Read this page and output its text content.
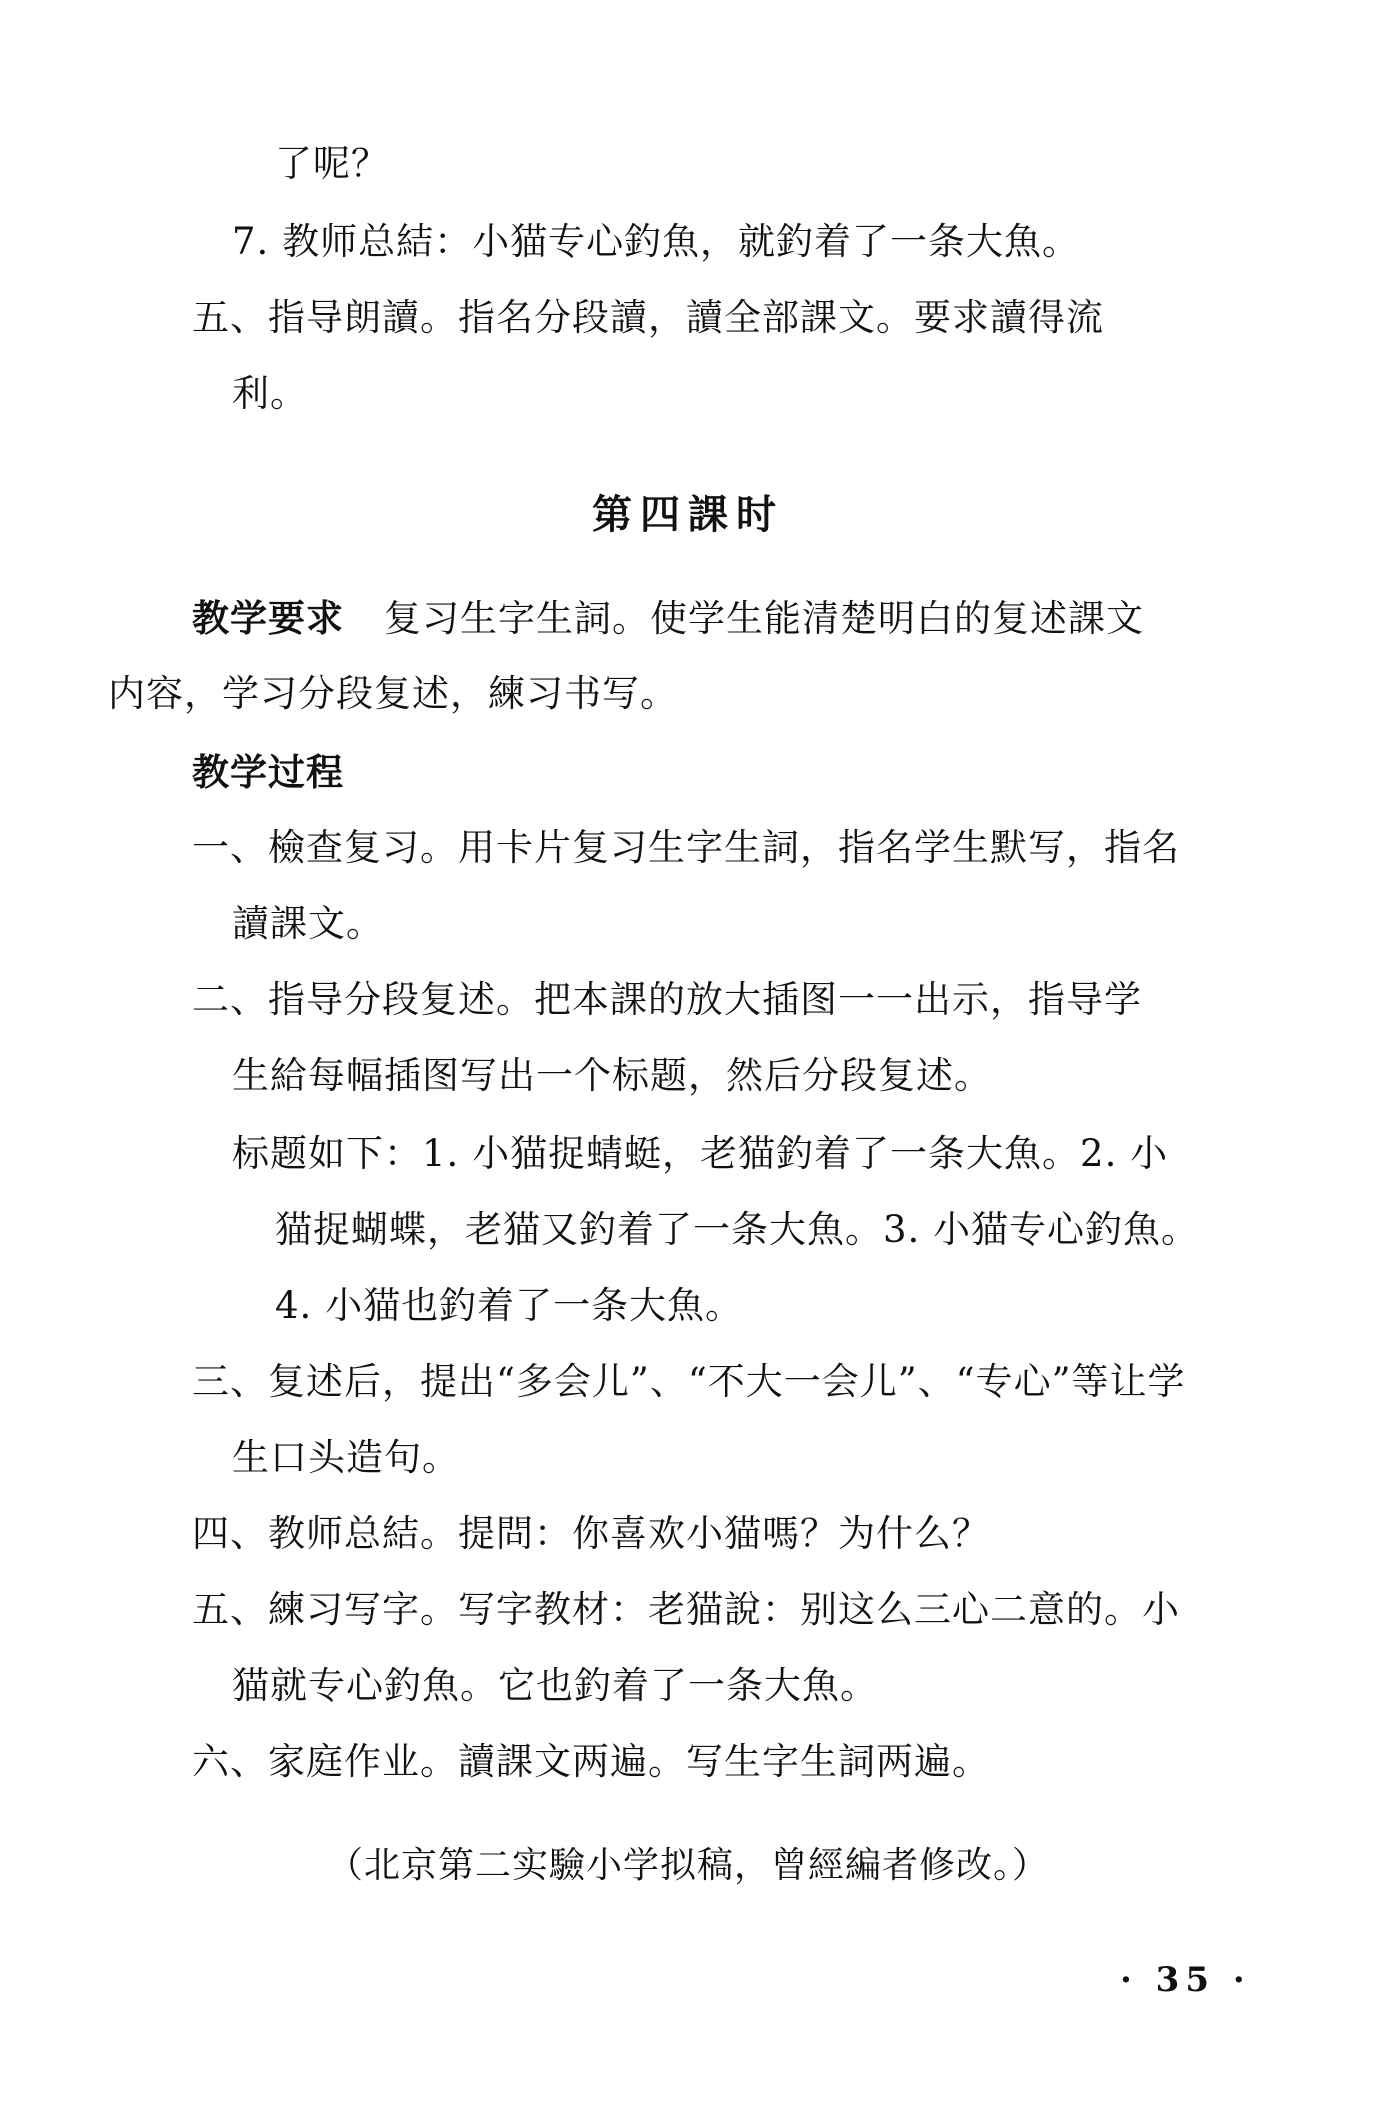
了呢？
7. 教师总結：小猫专心釣魚，就釣着了一条大魚。
五、指导朗讀。指名分段讀，讀全部課文。要求讀得流
利。
第四課时
教学要求 复习生字生詞。使学生能清楚明白的复述課文
内容，学习分段复述，練习书写。
教学过程
一、檢查复习。用卡片复习生字生詞，指名学生默写，指名
讀課文。
二、指导分段复述。把本課的放大插图一一出示，指导学
生給每幅插图写出一个标题，然后分段复述。
标题如下：1. 小猫捉蜻蜓，老猫釣着了一条大魚。2. 小
猫捉蝴蝶，老猫又釣着了一条大魚。3. 小猫专心釣魚。
4. 小猫也釣着了一条大魚。
三、复述后，提出“多会儿”、“不大一会儿”、“专心”等让学
生口头造句。
四、教师总結。提問：你喜欢小猫嗎？为什么？
五、練习写字。写字教材：老猫說：别这么三心二意的。小
猫就专心釣魚。它也釣着了一条大魚。
六、家庭作业。讀課文两遍。写生字生詞两遍。
（北京第二实驗小学拟稿，曾經編者修改。）
· 35 ·
